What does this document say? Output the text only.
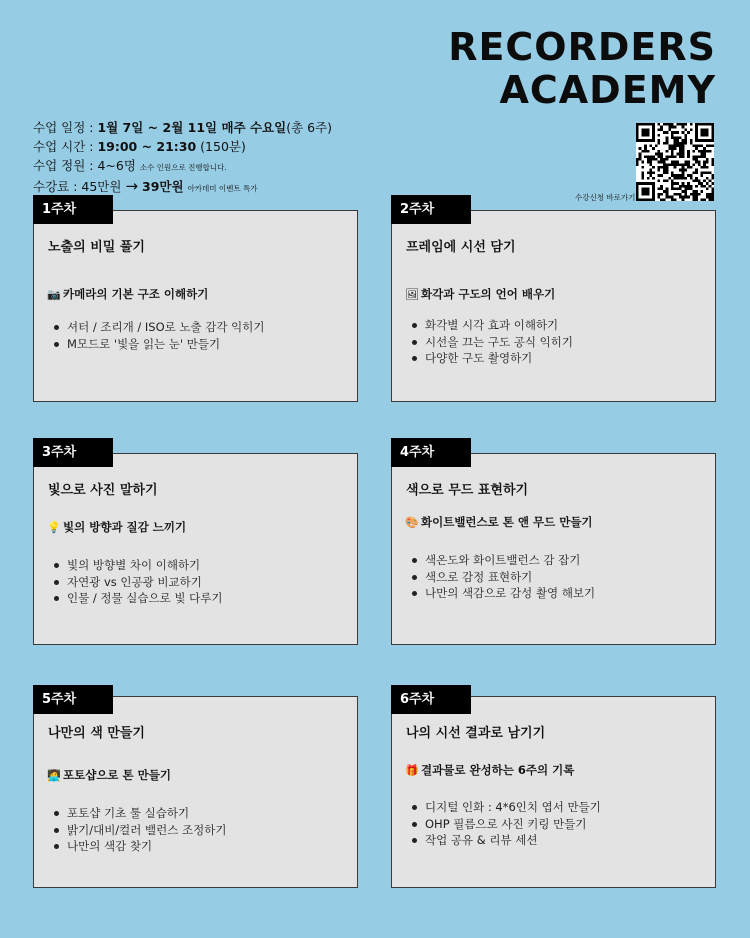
RECORDERS
ACADEMY
수업 일정 : 1월 7일 ~ 2월 11일 매주 수요일(총 6주)
수업 시간 : 19:00 ~ 21:30 (150분)
수업 정원 : 4~6명 소수 인원으로 진행합니다.
수강료 : 45만원 → 39만원 아카데미 이벤트 특가
수강신청 바로가기
노출의 비밀 풀기
📷 카메라의 기본 구조 이해하기
셔터 / 조리개 / ISO로 노출 감각 익히기
M모드로 '빛을 읽는 눈' 만들기
1주차
프레임에 시선 담기
🖼 화각과 구도의 언어 배우기
화각별 시각 효과 이해하기
시선을 끄는 구도 공식 익히기
다양한 구도 촬영하기
2주차
빛으로 사진 말하기
💡 빛의 방향과 질감 느끼기
빛의 방향별 차이 이해하기
자연광 vs 인공광 비교하기
인물 / 정물 실습으로 빛 다루기
3주차
색으로 무드 표현하기
🎨 화이트밸런스로 톤 앤 무드 만들기
색온도와 화이트밸런스 감 잡기
색으로 감정 표현하기
나만의 색감으로 감성 촬영 해보기
4주차
나만의 색 만들기
🧑‍💻 포토샵으로 톤 만들기
포토샵 기초 툴 실습하기
밝기/대비/컬러 밸런스 조정하기
나만의 색감 찾기
5주차
나의 시선 결과로 남기기
🎁 결과물로 완성하는 6주의 기록
디지털 인화 : 4*6인치 엽서 만들기
OHP 필름으로 사진 키링 만들기
작업 공유 & 리뷰 세션
6주차
